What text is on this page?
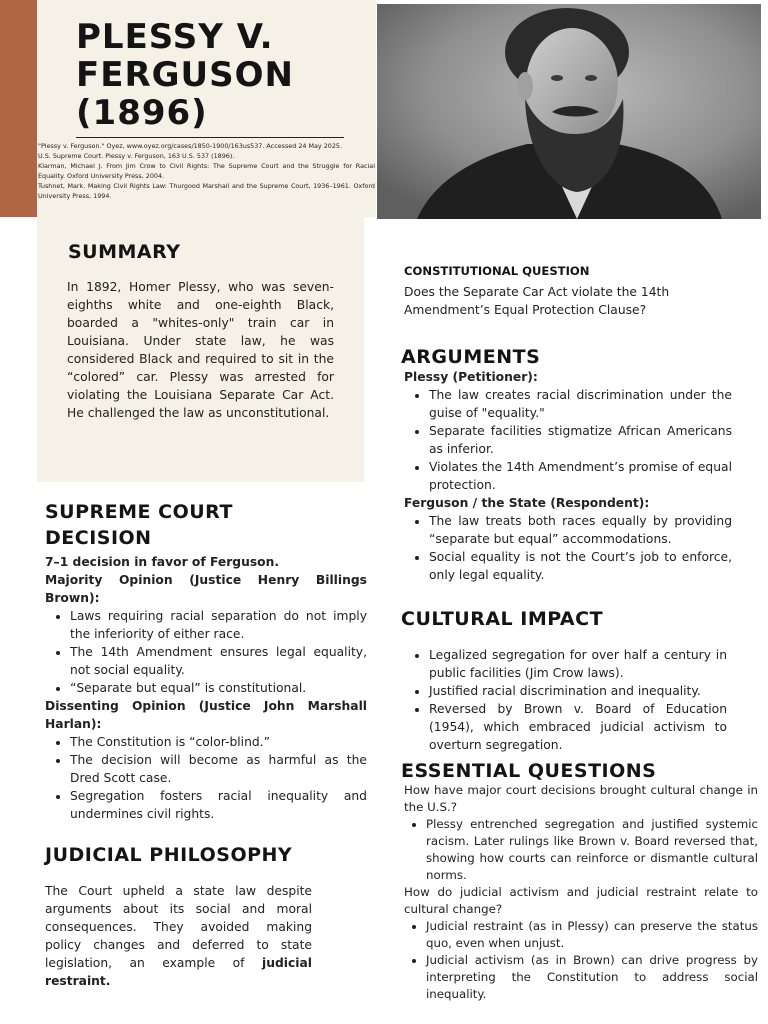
PLESSY V. FERGUSON (1896)
"Plessy v. Ferguson." Oyez, www.oyez.org/cases/1850-1900/163us537. Accessed 24 May 2025.
U.S. Supreme Court. Plessy v. Ferguson, 163 U.S. 537 (1896).
Klarman, Michael J. From Jim Crow to Civil Rights: The Supreme Court and the Struggle for Racial Equality. Oxford University Press, 2004.
Tushnet, Mark. Making Civil Rights Law: Thurgood Marshall and the Supreme Court, 1936–1961. Oxford University Press, 1994.
SUMMARY

In 1892, Homer Plessy, who was seven-eighths white and one-eighth Black, boarded a "whites-only" train car in Louisiana. Under state law, he was considered Black and required to sit in the “colored” car. Plessy was arrested for violating the Louisiana Separate Car Act. He challenged the law as unconstitutional.

SUPREME COURT DECISION

7–1 decision in favor of Ferguson.

Majority Opinion (Justice Henry Billings Brown):

• Laws requiring racial separation do not imply the inferiority of either race.
• The 14th Amendment ensures legal equality, not social equality.
• “Separate but equal” is constitutional.

Dissenting Opinion (Justice John Marshall Harlan):

• The Constitution is “color-blind.”
• The decision will become as harmful as the Dred Scott case.
• Segregation fosters racial inequality and undermines civil rights.
JUDICIAL PHILOSOPHY

The Court upheld a state law despite arguments about its social and moral consequences. They avoided making policy changes and deferred to state legislation, an example of judicial restraint.

CONSTITUTIONAL QUESTION
Does the Separate Car Act violate the 14th Amendment’s Equal Protection Clause?
ARGUMENTS

Plessy (Petitioner):

• The law creates racial discrimination under the guise of "equality."
• Separate facilities stigmatize African Americans as inferior.
• Violates the 14th Amendment’s promise of equal protection.

Ferguson / the State (Respondent):

• The law treats both races equally by providing “separate but equal” accommodations.
• Social equality is not the Court’s job to enforce, only legal equality.
CULTURAL IMPACT
• Legalized segregation for over half a century in public facilities (Jim Crow laws).
• Justified racial discrimination and inequality.
• Reversed by Brown v. Board of Education (1954), which embraced judicial activism to overturn segregation.
ESSENTIAL QUESTIONS

How have major court decisions brought cultural change in the U.S.?

• Plessy entrenched segregation and justified systemic racism. Later rulings like Brown v. Board reversed that, showing how courts can reinforce or dismantle cultural norms.

How do judicial activism and judicial restraint relate to cultural change?

• Judicial restraint (as in Plessy) can preserve the status quo, even when unjust.
• Judicial activism (as in Brown) can drive progress by interpreting the Constitution to address social inequality.
